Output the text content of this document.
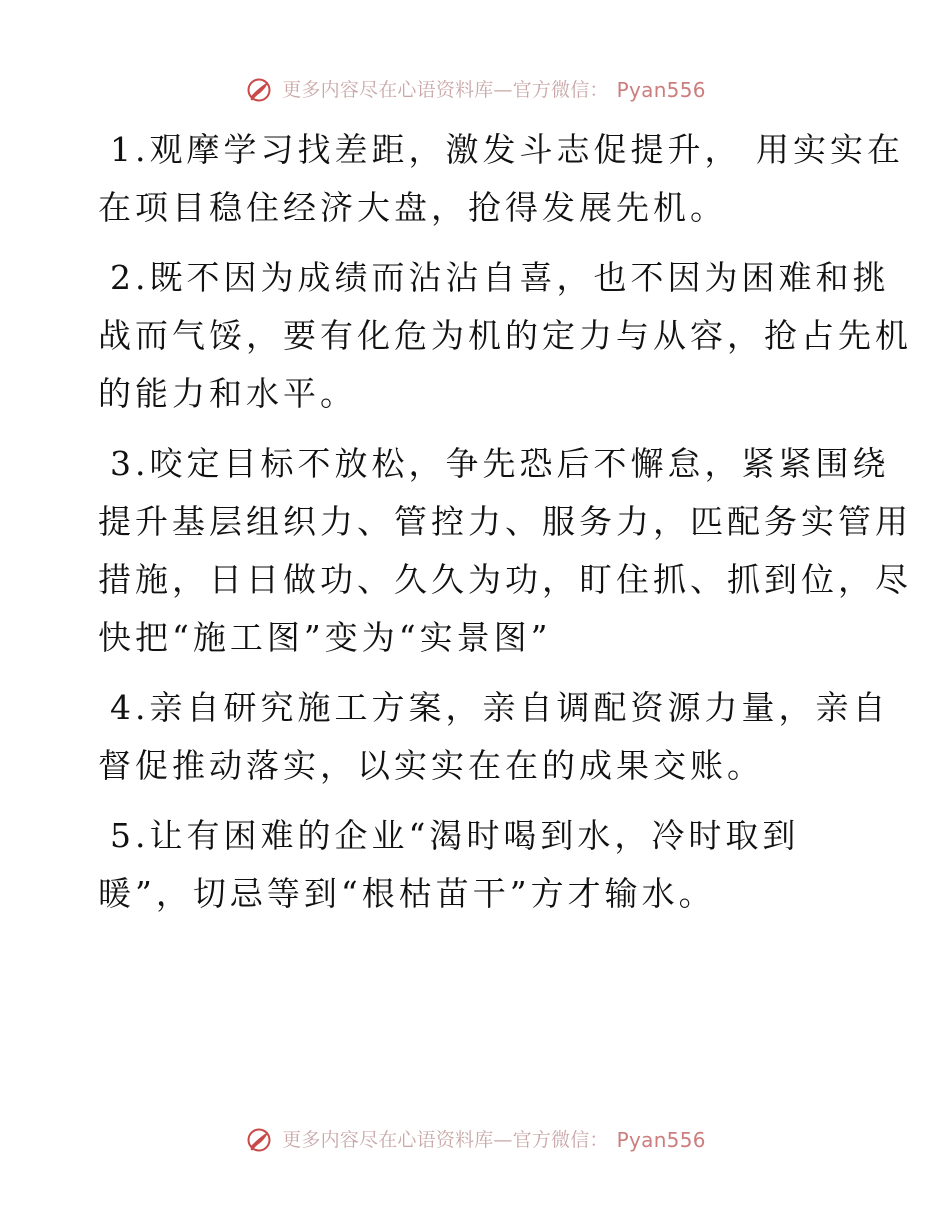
更多内容尽在心语资料库—官方微信： Pyan556
1.观摩学习找差距，激发斗志促提升， 用实实在
在项目稳住经济大盘，抢得发展先机。
2.既不因为成绩而沾沾自喜，也不因为困难和挑
战而气馁，要有化危为机的定力与从容，抢占先机
的能力和水平。
3.咬定目标不放松，争先恐后不懈怠，紧紧围绕
提升基层组织力、管控力、服务力，匹配务实管用
措施，日日做功、久久为功，盯住抓、抓到位，尽
快把“施工图”变为“实景图”
4.亲自研究施工方案，亲自调配资源力量，亲自
督促推动落实，以实实在在的成果交账。
5.让有困难的企业“渴时喝到水，冷时取到
暖”，切忌等到“根枯苗干”方才输水。
更多内容尽在心语资料库—官方微信： Pyan556
